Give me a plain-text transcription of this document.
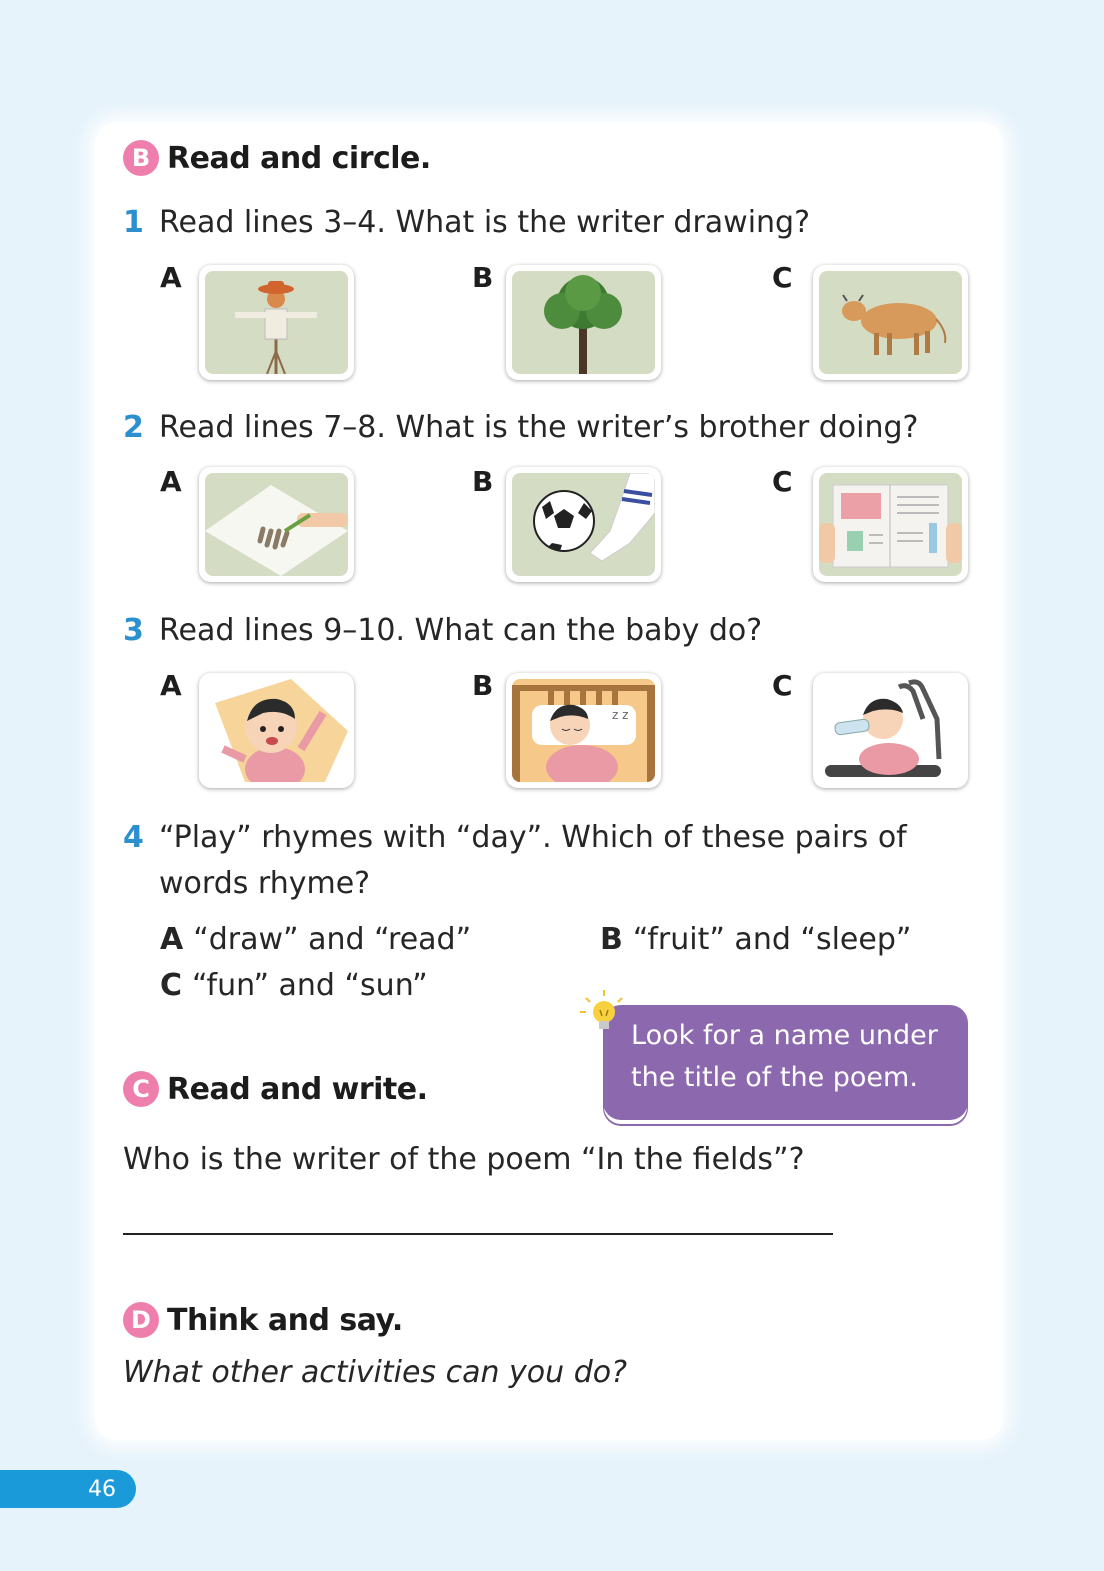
B Read and circle.
1 Read lines 3–4. What is the writer drawing?
A	B	C
2 Read lines 7–8. What is the writer’s brother doing?
A	B	C
3 Read lines 9–10. What can the baby do?
A	B
z z
C
4 “Play” rhymes with “day”. Which of these pairs of
words rhyme?
A “draw” and “read”	B “fruit” and “sleep”
C “fun” and “sun”
Look for a name under
the title of the poem.
C Read and write.
Who is the writer of the poem “In the fields”?
D Think and say.
What other activities can you do?
46
